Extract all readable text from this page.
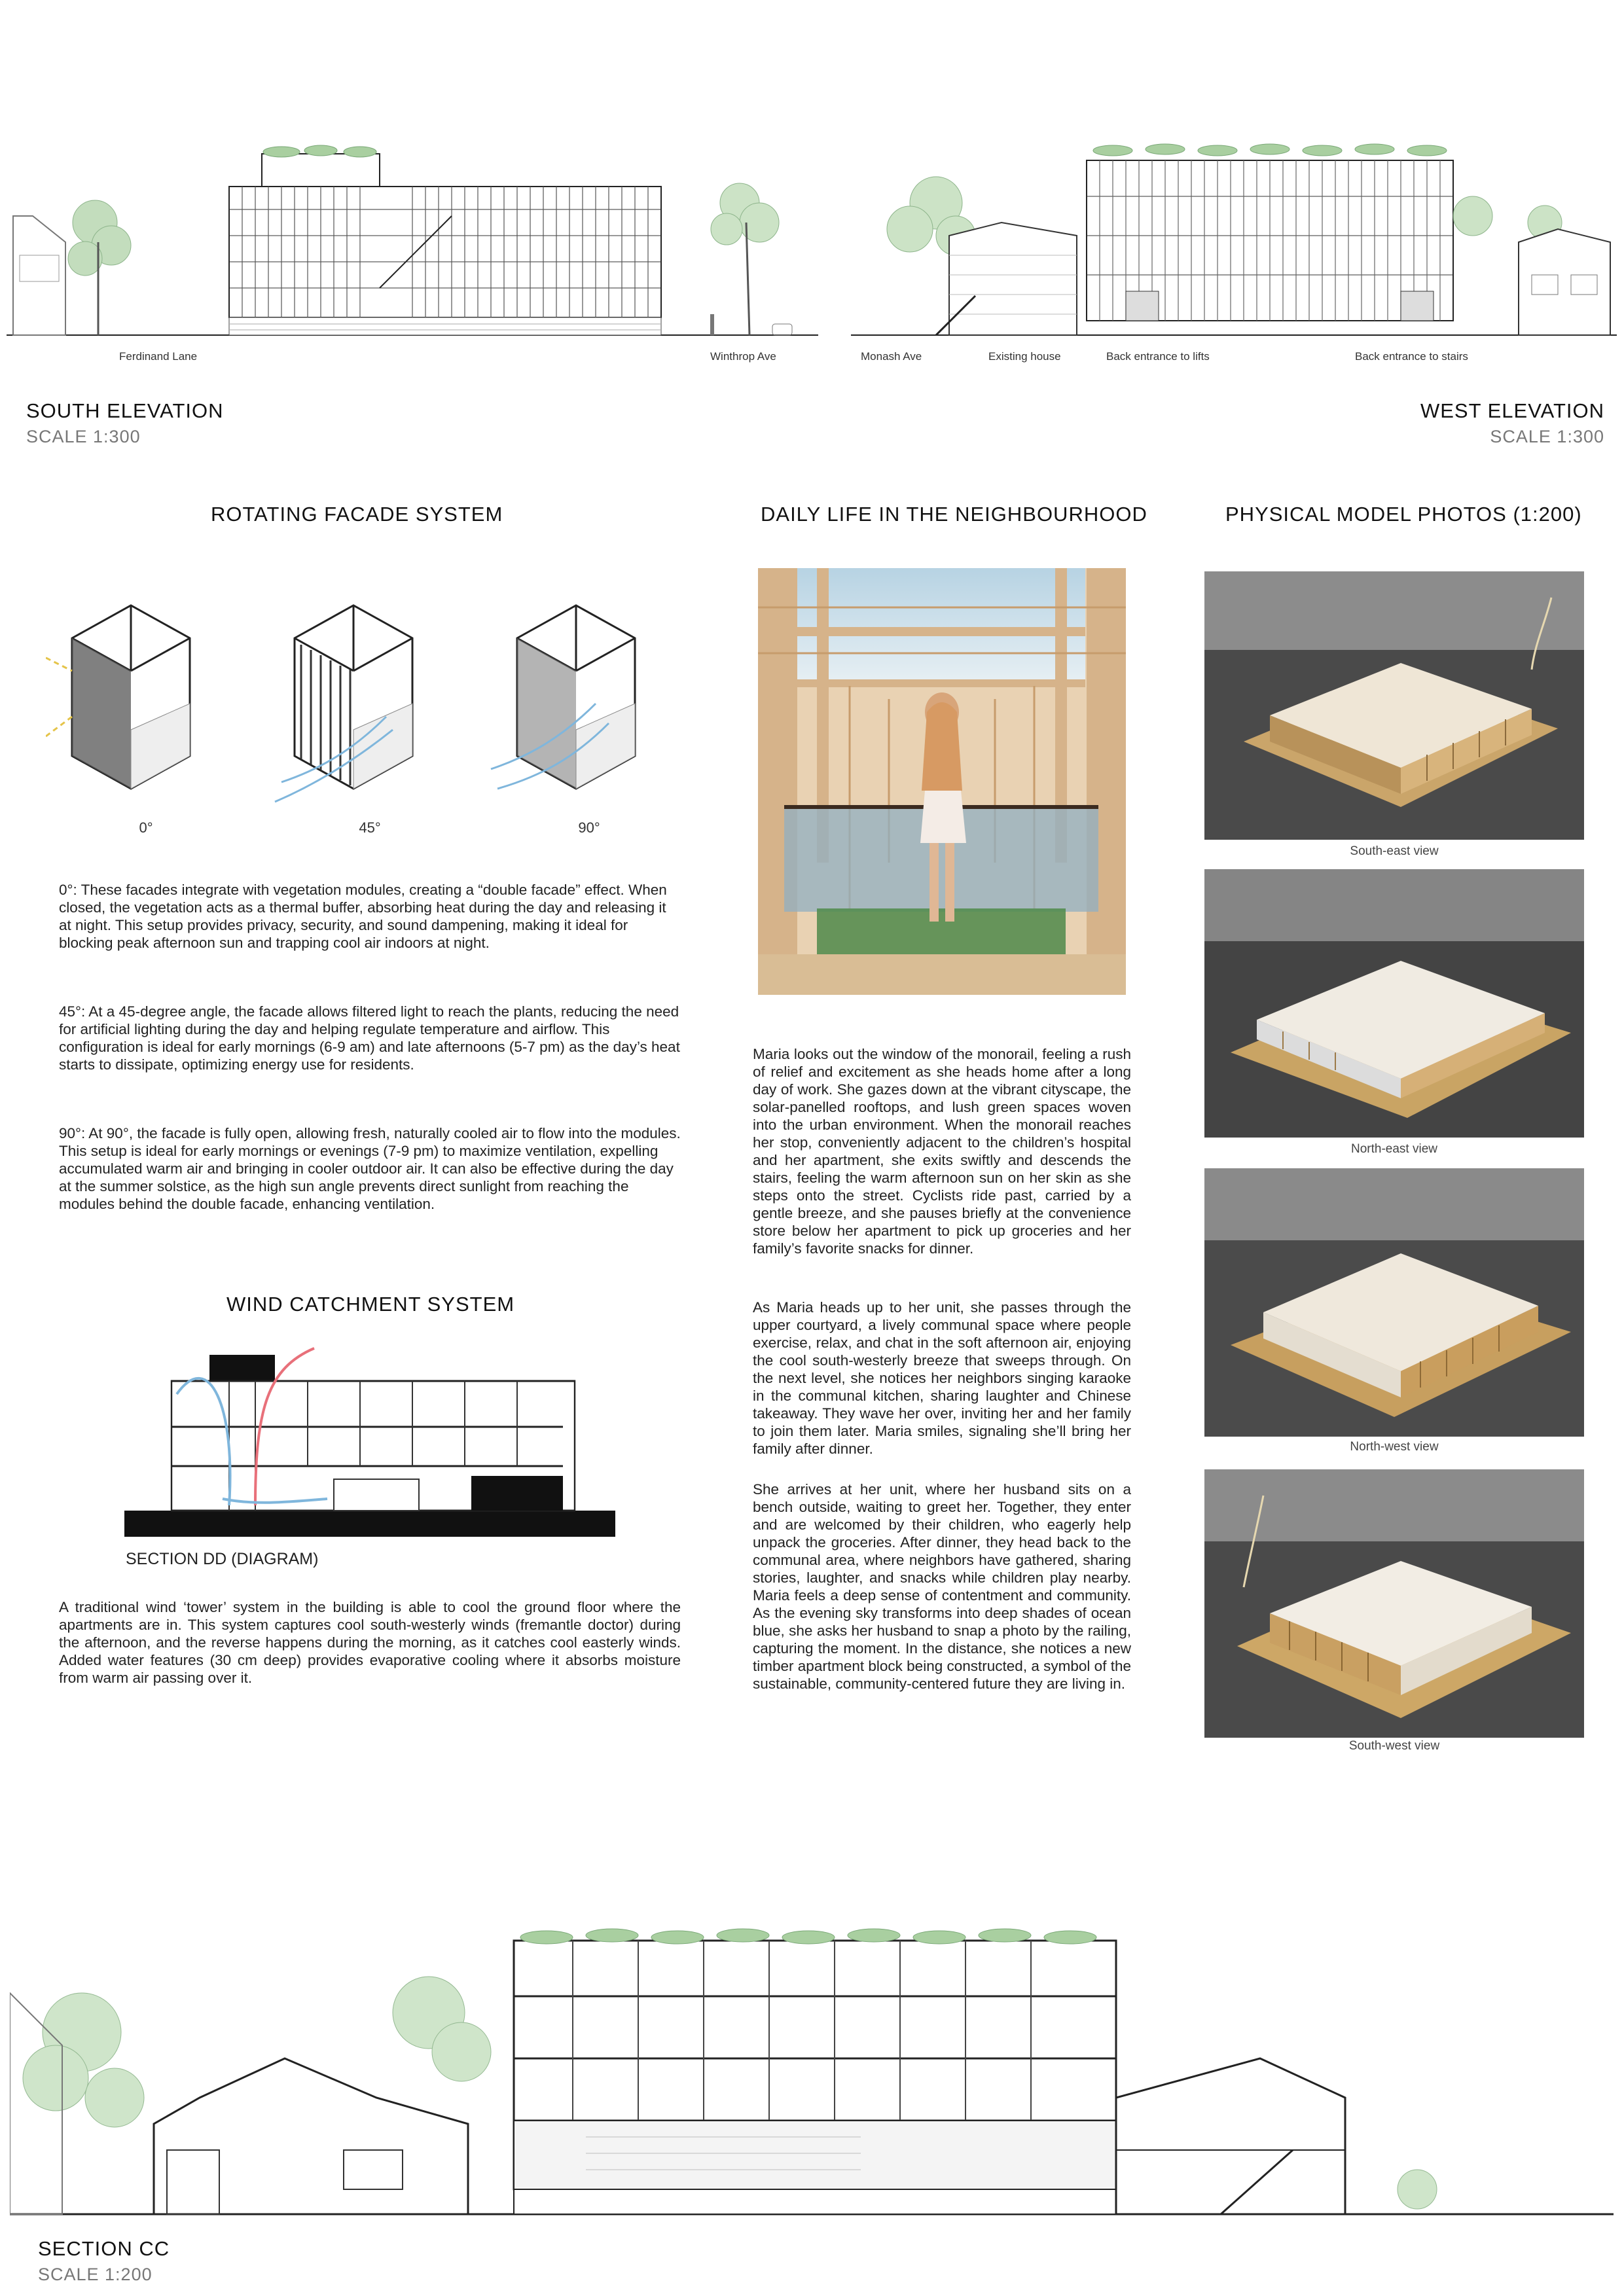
Ferdinand Lane	Winthrop Ave	Monash Ave	Existing house	Back entrance to lifts	Back entrance to stairs
SOUTH ELEVATION
SCALE 1:300
WEST ELEVATION
SCALE 1:300
ROTATING FACADE SYSTEM
0°	45°	90°
0°: These facades integrate with vegetation modules, creating a “double facade” effect. When closed, the vegetation acts as a thermal buffer, absorbing heat during the day and releasing it at night. This setup provides privacy, security, and sound dampening, making it ideal for blocking peak afternoon sun and trapping cool air indoors at night.
45°: At a 45-degree angle, the facade allows filtered light to reach the plants, reducing the need for artificial lighting during the day and helping regulate temperature and airflow. This configuration is ideal for early mornings (6-9 am) and late afternoons (5-7 pm) as the day’s heat starts to dissipate, optimizing energy use for residents.
90°: At 90°, the facade is fully open, allowing fresh, naturally cooled air to flow into the modules. This setup is ideal for early mornings or evenings (7-9 pm) to maximize ventilation, expelling accumulated warm air and bringing in cooler outdoor air. It can also be effective during the day at the summer solstice, as the high sun angle prevents direct sunlight from reaching the modules behind the double facade, enhancing ventilation.
WIND CATCHMENT SYSTEM
SECTION DD (DIAGRAM)
A traditional wind ‘tower’ system in the building is able to cool the ground floor where the apartments are in. This system captures cool south-westerly winds (fremantle doctor) during the afternoon, and the reverse happens during the morning, as it catches cool easterly winds. Added water features (30 cm deep) provides evaporative cooling where it absorbs moisture from warm air passing over it.
DAILY LIFE IN THE NEIGHBOURHOOD
Maria looks out the window of the monorail, feeling a rush of relief and excitement as she heads home after a long day of work. She gazes down at the vibrant cityscape, the solar-panelled rooftops, and lush green spaces woven into the urban environment. When the monorail reaches her stop, conveniently adjacent to the children’s hospital and her apartment, she exits swiftly and descends the stairs, feeling the warm afternoon sun on her skin as she steps onto the street. Cyclists ride past, carried by a gentle breeze, and she pauses briefly at the convenience store below her apartment to pick up groceries and her family’s favorite snacks for dinner.
As Maria heads up to her unit, she passes through the upper courtyard, a lively communal space where people exercise, relax, and chat in the soft afternoon air, enjoying the cool south-westerly breeze that sweeps through. On the next level, she notices her neighbors singing karaoke in the communal kitchen, sharing laughter and Chinese takeaway. They wave her over, inviting her and her family to join them later. Maria smiles, signaling she’ll bring her family after dinner.
She arrives at her unit, where her husband sits on a bench outside, waiting to greet her. Together, they enter and are welcomed by their children, who eagerly help unpack the groceries. After dinner, they head back to the communal area, where neighbors have gathered, sharing stories, laughter, and snacks while children play nearby. Maria feels a deep sense of contentment and community. As the evening sky transforms into deep shades of ocean blue, she asks her husband to snap a photo by the railing, capturing the moment. In the distance, she notices a new timber apartment block being constructed, a symbol of the sustainable, community-centered future they are living in.
PHYSICAL MODEL PHOTOS (1:200)
South-east view
North-east view
North-west view
South-west view
SECTION CC
SCALE 1:200
